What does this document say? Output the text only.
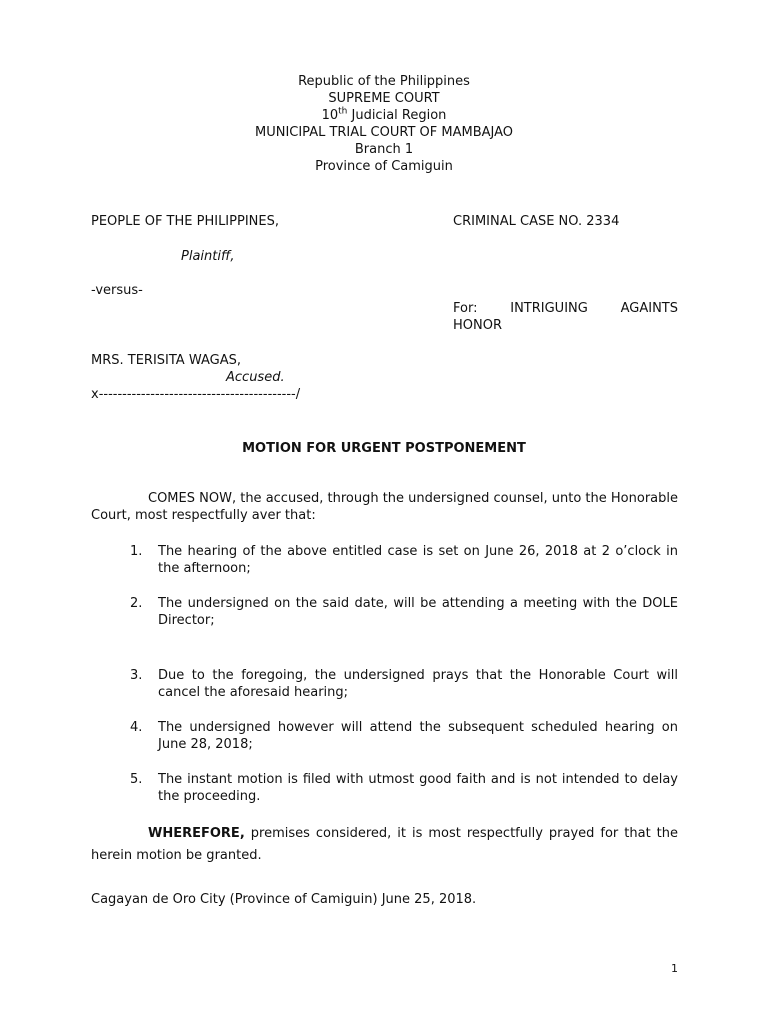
Republic of the Philippines
SUPREME COURT
10th Judicial Region
MUNICIPAL TRIAL COURT OF MAMBAJAO
Branch 1
Province of Camiguin
PEOPLE OF THE PHILIPPINES,
Plaintiff,
CRIMINAL CASE NO. 2334
-versus-
For: INTRIGUING AGAINTS
HONOR
MRS. TERISITA WAGAS,
Accused.
x------------------------------------------/
MOTION FOR URGENT POSTPONEMENT
COMES NOW, the accused, through the undersigned counsel, unto the Honorable Court, most respectfully aver that:
1. The hearing of the above entitled case is set on June 26, 2018 at 2 o’clock in the afternoon;
2. The undersigned on the said date, will be attending a meeting with the DOLE Director;
3. Due to the foregoing, the undersigned prays that the Honorable Court will cancel the aforesaid hearing;
4. The undersigned however will attend the subsequent scheduled hearing on June 28, 2018;
5. The instant motion is filed with utmost good faith and is not intended to delay the proceeding.
WHEREFORE, premises considered, it is most respectfully prayed for that the herein motion be granted.
Cagayan de Oro City (Province of Camiguin) June 25, 2018.
1
